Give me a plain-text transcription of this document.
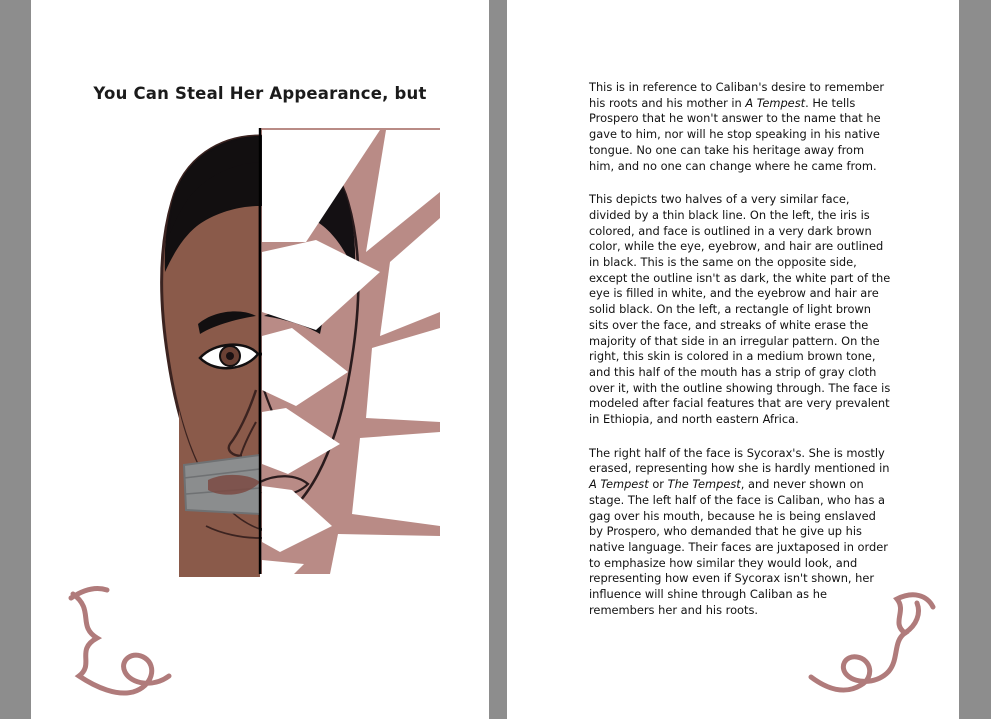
You Can Steal Her Appearance, but	This is in reference to Caliban's desire to remember his roots and his mother in A Tempest. He tells Prospero that he won't answer to the name that he gave to him, nor will he stop speaking in his native tongue. No one can take his heritage away from him, and no one can change where he came from.

This depicts two halves of a very similar face, divided by a thin black line. On the left, the iris is colored, and face is outlined in a very dark brown color, while the eye, eyebrow, and hair are outlined in black. This is the same on the opposite side, except the outline isn't as dark, the white part of the eye is filled in white, and the eyebrow and hair are solid black. On the left, a rectangle of light brown sits over the face, and streaks of white erase the majority of that side in an irregular pattern. On the right, this skin is colored in a medium brown tone, and this half of the mouth has a strip of gray cloth over it, with the outline showing through. The face is modeled after facial features that are very prevalent in Ethiopia, and north eastern Africa.

The right half of the face is Sycorax's. She is mostly erased, representing how she is hardly mentioned in A Tempest or The Tempest, and never shown on stage. The left half of the face is Caliban, who has a gag over his mouth, because he is being enslaved by Prospero, who demanded that he give up his native language. Their faces are juxtaposed in order to emphasize how similar they would look, and representing how even if Sycorax isn't shown, her influence will shine through Caliban as he remembers her and his roots.
